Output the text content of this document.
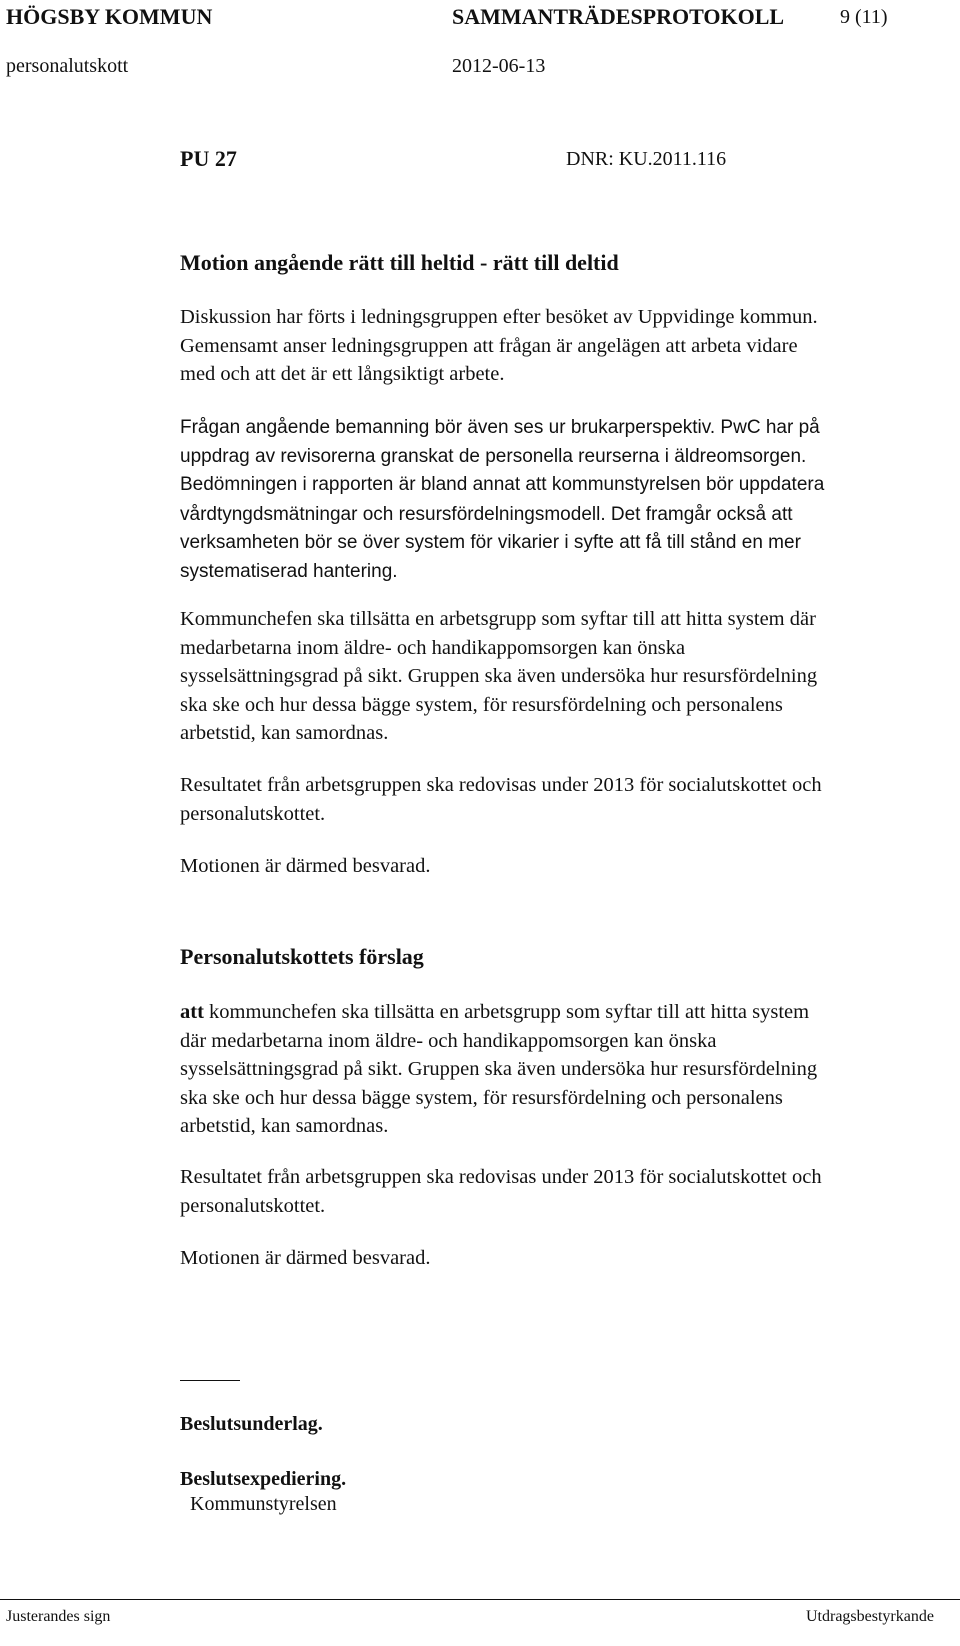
HÖGSBY KOMMUN	SAMMANTRÄDESPROTOKOLL	9 (11)
personalutskott	2012-06-13
PU 27	DNR: KU.2011.116
Motion angående rätt till heltid - rätt till deltid
Diskussion har förts i ledningsgruppen efter besöket av Uppvidinge kommun.
Gemensamt anser ledningsgruppen att frågan är angelägen att arbeta vidare
med och att det är ett långsiktigt arbete.
Frågan angående bemanning bör även ses ur brukarperspektiv. PwC har på
uppdrag av revisorerna granskat de personella reurserna i äldreomsorgen.
Bedömningen i rapporten är bland annat att kommunstyrelsen bör uppdatera
vårdtyngdsmätningar och resursfördelningsmodell. Det framgår också att
verksamheten bör se över system för vikarier i syfte att få till stånd en mer
systematiserad hantering.
Kommunchefen ska tillsätta en arbetsgrupp som syftar till att hitta system där
medarbetarna inom äldre- och handikappomsorgen kan önska
sysselsättningsgrad på sikt. Gruppen ska även undersöka hur resursfördelning
ska ske och hur dessa bägge system, för resursfördelning och personalens
arbetstid, kan samordnas.
Resultatet från arbetsgruppen ska redovisas under 2013 för socialutskottet och
personalutskottet.
Motionen är därmed besvarad.
Personalutskottets förslag
att kommunchefen ska tillsätta en arbetsgrupp som syftar till att hitta system
där medarbetarna inom äldre- och handikappomsorgen kan önska
sysselsättningsgrad på sikt. Gruppen ska även undersöka hur resursfördelning
ska ske och hur dessa bägge system, för resursfördelning och personalens
arbetstid, kan samordnas.
Resultatet från arbetsgruppen ska redovisas under 2013 för socialutskottet och
personalutskottet.
Motionen är därmed besvarad.
Beslutsunderlag.
Beslutsexpediering.
Kommunstyrelsen
Justerandes sign	Utdragsbestyrkande
